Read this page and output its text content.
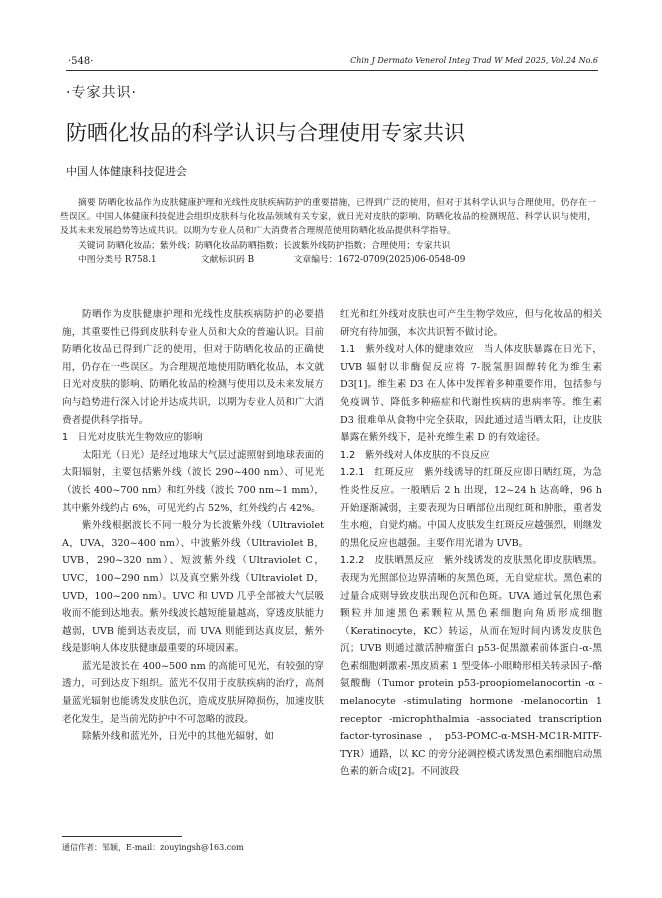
·548·	Chin J Dermato Venerol Integ Trad W Med 2025, Vol.24 No.6
·专家共识·
防晒化妆品的科学认识与合理使用专家共识
中国人体健康科技促进会

摘要 防晒化妆品作为皮肤健康护理和光线性皮肤疾病防护的重要措施，已得到广泛的使用，但对于其科学认识与合理使用，仍存在一些误区。中国人体健康科技促进会组织皮肤科与化妆品领域有关专家，就日光对皮肤的影响、防晒化妆品的检测规范、科学认识与使用，及其未来发展趋势等达成共识。以期为专业人员和广大消费者合理规范使用防晒化妆品提供科学指导。

关键词 防晒化妆品；紫外线；防晒化妆品防晒指数；长波紫外线防护指数；合理使用；专家共识
中图分类号 R758.1	文献标识码 B	文章编号：1672-0709(2025)06-0548-09

防晒作为皮肤健康护理和光线性皮肤疾病防护的必要措施，其重要性已得到皮肤科专业人员和大众的普遍认识。目前防晒化妆品已得到广泛的使用，但对于防晒化妆品的正确使用，仍存在一些误区。为合理规范地使用防晒化妆品，本文就日光对皮肤的影响、防晒化妆品的检测与使用以及未来发展方向与趋势进行深入讨论并达成共识，以期为专业人员和广大消费者提供科学指导。

1　日光对皮肤光生物效应的影响

太阳光（日光）是经过地球大气层过滤照射到地球表面的太阳辐射，主要包括紫外线（波长 290~400 nm）、可见光（波长 400~700 nm）和红外线（波长 700 nm~1 mm），其中紫外线约占 6%，可见光约占 52%，红外线约占 42%。

紫外线根据波长不同一般分为长波紫外线（Ultraviolet A，UVA，320~400 nm）、中波紫外线（Ultraviolet B，UVB，290~320 nm）、短波紫外线（Ultraviolet C，UVC，100~290 nm）以及真空紫外线（Ultraviolet D，UVD，100~200 nm）。UVC 和 UVD 几乎全部被大气层吸收而不能到达地表。紫外线波长越短能量越高，穿透皮肤能力越弱，UVB 能到达表皮层，而 UVA 则能到达真皮层，紫外线是影响人体皮肤健康最重要的环境因素。

蓝光是波长在 400~500 nm 的高能可见光，有较强的穿透力，可到达皮下组织。蓝光不仅用于皮肤疾病的治疗，高剂量蓝光辐射也能诱发皮肤色沉，造成皮肤屏障损伤，加速皮肤老化发生，是当前光防护中不可忽略的波段。

除紫外线和蓝光外，日光中的其他光辐射，如

红光和红外线对皮肤也可产生生物学效应，但与化妆品的相关研究有待加强，本次共识暂不做讨论。

1.1　紫外线对人体的健康效应  当人体皮肤暴露在日光下，UVB 辐射以非酶促反应将 7-脱氢胆固醇转化为维生素 D3[1]。维生素 D3 在人体中发挥着多种重要作用，包括参与免疫调节、降低多种癌症和代谢性疾病的患病率等。维生素 D3 很难单从食物中完全获取，因此通过适当晒太阳，让皮肤暴露在紫外线下，是补充维生素 D 的有效途径。

1.2　紫外线对人体皮肤的不良反应

1.2.1　红斑反应  紫外线诱导的红斑反应即日晒红斑，为急性炎性反应。一般晒后 2 h 出现，12~24 h 达高峰，96 h 开始逐渐减弱，主要表现为日晒部位出现红斑和肿胀，重者发生水疱，自觉灼痛。中国人皮肤发生红斑反应越强烈，则继发的黑化反应也越强。主要作用光谱为 UVB。

1.2.2　皮肤晒黑反应  紫外线诱发的皮肤黑化即皮肤晒黑。表现为光照部位边界清晰的灰黑色斑，无自觉症状。黑色素的过量合成则导致皮肤出现色沉和色斑。UVA 通过氧化黑色素颗粒并加速黑色素颗粒从黑色素细胞向角质形成细胞（Keratinocyte，KC）转运，从而在短时间内诱发皮肤色沉；UVB 则通过激活肿瘤蛋白 p53-促黑激素前体蛋白-α-黑色素细胞刺激素-黑皮质素 1 型受体-小眼畸形相关转录因子-酪氨酸酶（Tumor protein p53-proopiomelanocortin -α -melanocyte -stimulating hormone -melanocortin 1 receptor -microphthalmia -associated transcription factor-tyrosinase，p53-POMC-α-MSH-MC1R-MITF-TYR）通路，以 KC 的旁分泌调控模式诱发黑色素细胞启动黑色素的新合成[2]。不同波段

通信作者：邹颖，E-mail：zouyingsh@163.com
